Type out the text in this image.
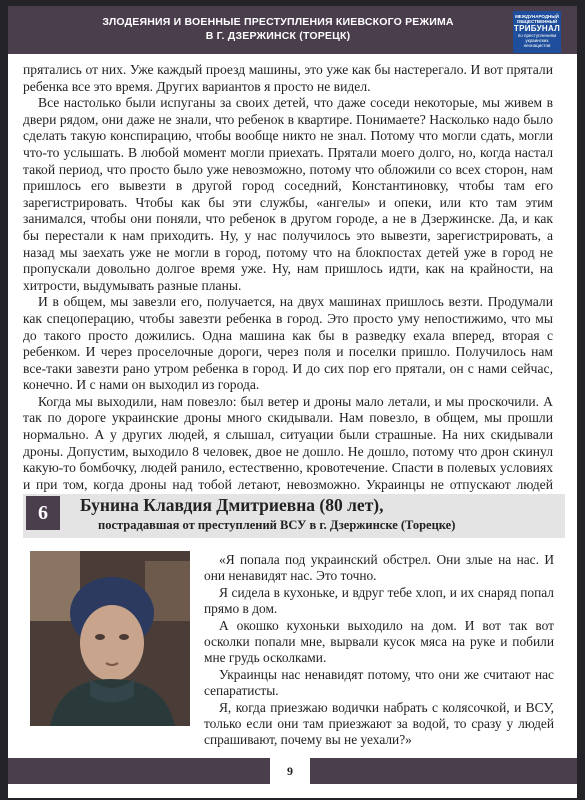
ЗЛОДЕЯНИЯ И ВОЕННЫЕ ПРЕСТУПЛЕНИЯ КИЕВСКОГО РЕЖИМА
В Г. ДЗЕРЖИНСК (ТОРЕЦК)
МЕЖДУНАРОДНЫЙ ОБЩЕСТВЕННЫЙ
ТРИБУНАЛ
по преступлениям
украинских неонацистов

прятались от них. Уже каждый проезд машины, это уже как бы настерегало. И вот прятали ребенка все это время. Других вариантов я просто не видел.

Все настолько были испуганы за своих детей, что даже соседи некоторые, мы живем в двери рядом, они даже не знали, что ребенок в квартире. Понимаете? Насколько надо было сделать такую конспирацию, чтобы вообще никто не знал. Потому что могли сдать, могли что-то услышать. В любой момент могли приехать. Прятали моего долго, но, когда настал такой период, что просто было уже невозможно, потому что обложили со всех сторон, нам пришлось его вывезти в другой город соседний, Константиновку, чтобы там его зарегистрировать. Чтобы как бы эти службы, «ангелы» и опеки, или кто там этим занимался, чтобы они поняли, что ребенок в другом городе, а не в Дзержинске. Да, и как бы перестали к нам приходить. Ну, у нас получилось это вывезти, зарегистрировать, а назад мы заехать уже не могли в город, потому что на блокпостах детей уже в город не пропускали довольно долгое время уже. Ну, нам пришлось идти, как на крайности, на хитрости, выдумывать разные планы.

И в общем, мы завезли его, получается, на двух машинах пришлось везти. Продумали как спецоперацию, чтобы завезти ребенка в город. Это просто уму непостижимо, что мы до такого просто дожились. Одна машина как бы в разведку ехала вперед, вторая с ребенком. И через проселочные дороги, через поля и поселки пришло. Получилось нам все-таки завезти рано утром ребенка в город. И до сих пор его прятали, он с нами сейчас, конечно. И с нами он выходил из города.

Когда мы выходили, нам повезло: был ветер и дроны мало летали, и мы проскочили. А так по дороге украинские дроны много скидывали. Нам повезло, в общем, мы прошли нормально. А у других людей, я слышал, ситуации были страшные. На них скидывали дроны. Допустим, выходило 8 человек, двое не дошло. Не дошло, потому что дрон скинул какую-то бомбочку, людей ранило, естественно, кровотечение. Спасти в полевых условиях и при том, когда дроны над тобой летают, невозможно. Украинцы не отпускают людей

6	Бунина Клавдия Дмитриевна (80 лет),
пострадавшая от преступлений ВСУ в г. Дзержинске (Торецке)

«Я попала под украинский обстрел. Они злые на нас. И они ненавидят нас. Это точно.

Я сидела в кухоньке, и вдруг тебе хлоп, и их снаряд попал прямо в дом.

А окошко кухоньки выходило на дом. И вот так вот осколки попали мне, вырвали кусок мяса на руке и побили мне грудь осколками.

Украинцы нас ненавидят потому, что они же считают нас сепаратисты.

Я, когда приезжаю водички набрать с колясочкой, и ВСУ, только если они там приезжают за водой, то сразу у людей спрашивают, почему вы не уехали?»

9
